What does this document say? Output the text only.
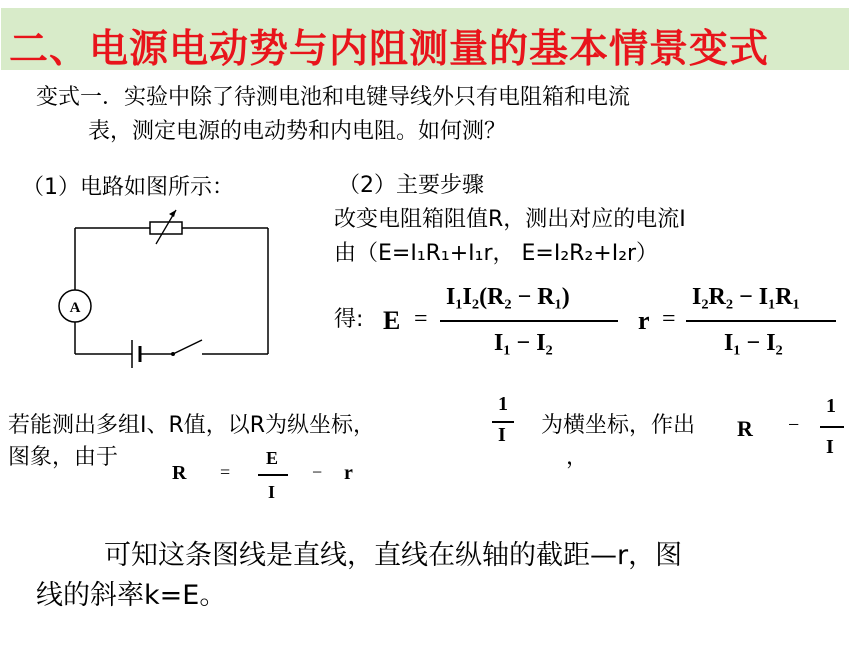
二、电源电动势与内阻测量的基本情景变式
变式一．实验中除了待测电池和电键导线外只有电阻箱和电流
表，测定电源的电动势和内电阻。如何测？
（1）电路如图所示：
A
（2）主要步骤
改变电阻箱阻值R，测出对应的电流I
由（E=I₁R₁+I₁r， E=I₂R₂+I₂r）
得: E =
I₁I₂(R₂ − R₁)
I₁ − I₂
r =
I₂R₂ − I₁R₁
I₁ − I₂
若能测出多组I、R值，以R为纵坐标，
1
I 为横坐标，作出 R −
1
I
，
图象，由于
R =
E
I
− r
可知这条图线是直线，直线在纵轴的截距—r，图
线的斜率k=E。
